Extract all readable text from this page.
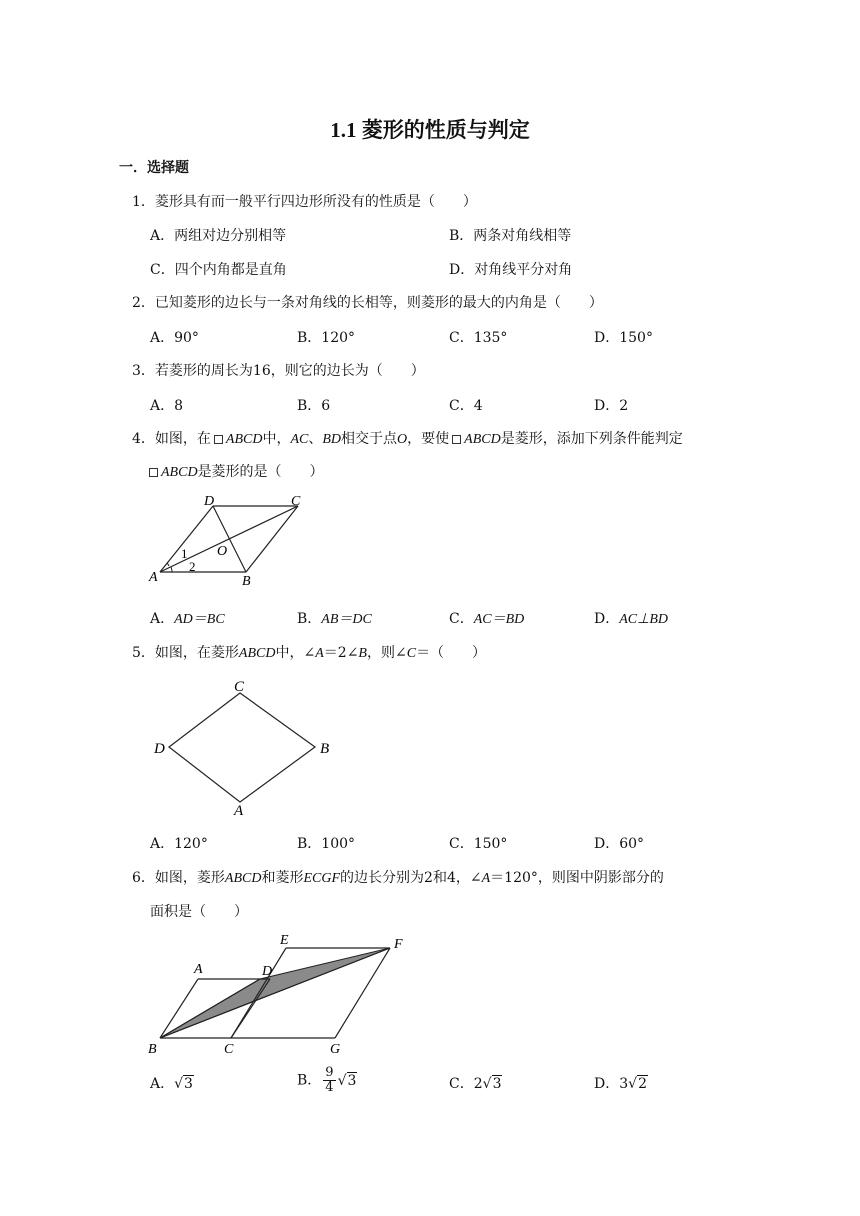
1.1 菱形的性质与判定
一．选择题
1．菱形具有而一般平行四边形所没有的性质是（　　）
A．两组对边分别相等	B．两条对角线相等
C．四个内角都是直角	D．对角线平分对角
2．已知菱形的边长与一条对角线的长相等，则菱形的最大的内角是（　　）
A．90°	B．120°	C．135°	D．150°
3．若菱形的周长为16，则它的边长为（　　）
A．8	B．6	C．4	D．2
4．如图，在 ABCD中，AC、BD相交于点O，要使 ABCD是菱形，添加下列条件能判定
ABCD是菱形的是（　　）
D	C
O
1
2
A	B
A．AD＝BC	B．AB＝DC	C．AC＝BD	D．AC⊥BD
5．如图，在菱形ABCD中，∠A＝2∠B，则∠C＝（　　）
C
D	B
A
A．120°	B．100°	C．150°	D．60°
6．如图，菱形ABCD和菱形ECGF的边长分别为2和4，∠A＝120°，则图中阴影部分的
面积是（　　）
E	F
A	D
B	C	G
A．√3	B． $\frac{9}{4} √3$	C．2√3	D．3√2
